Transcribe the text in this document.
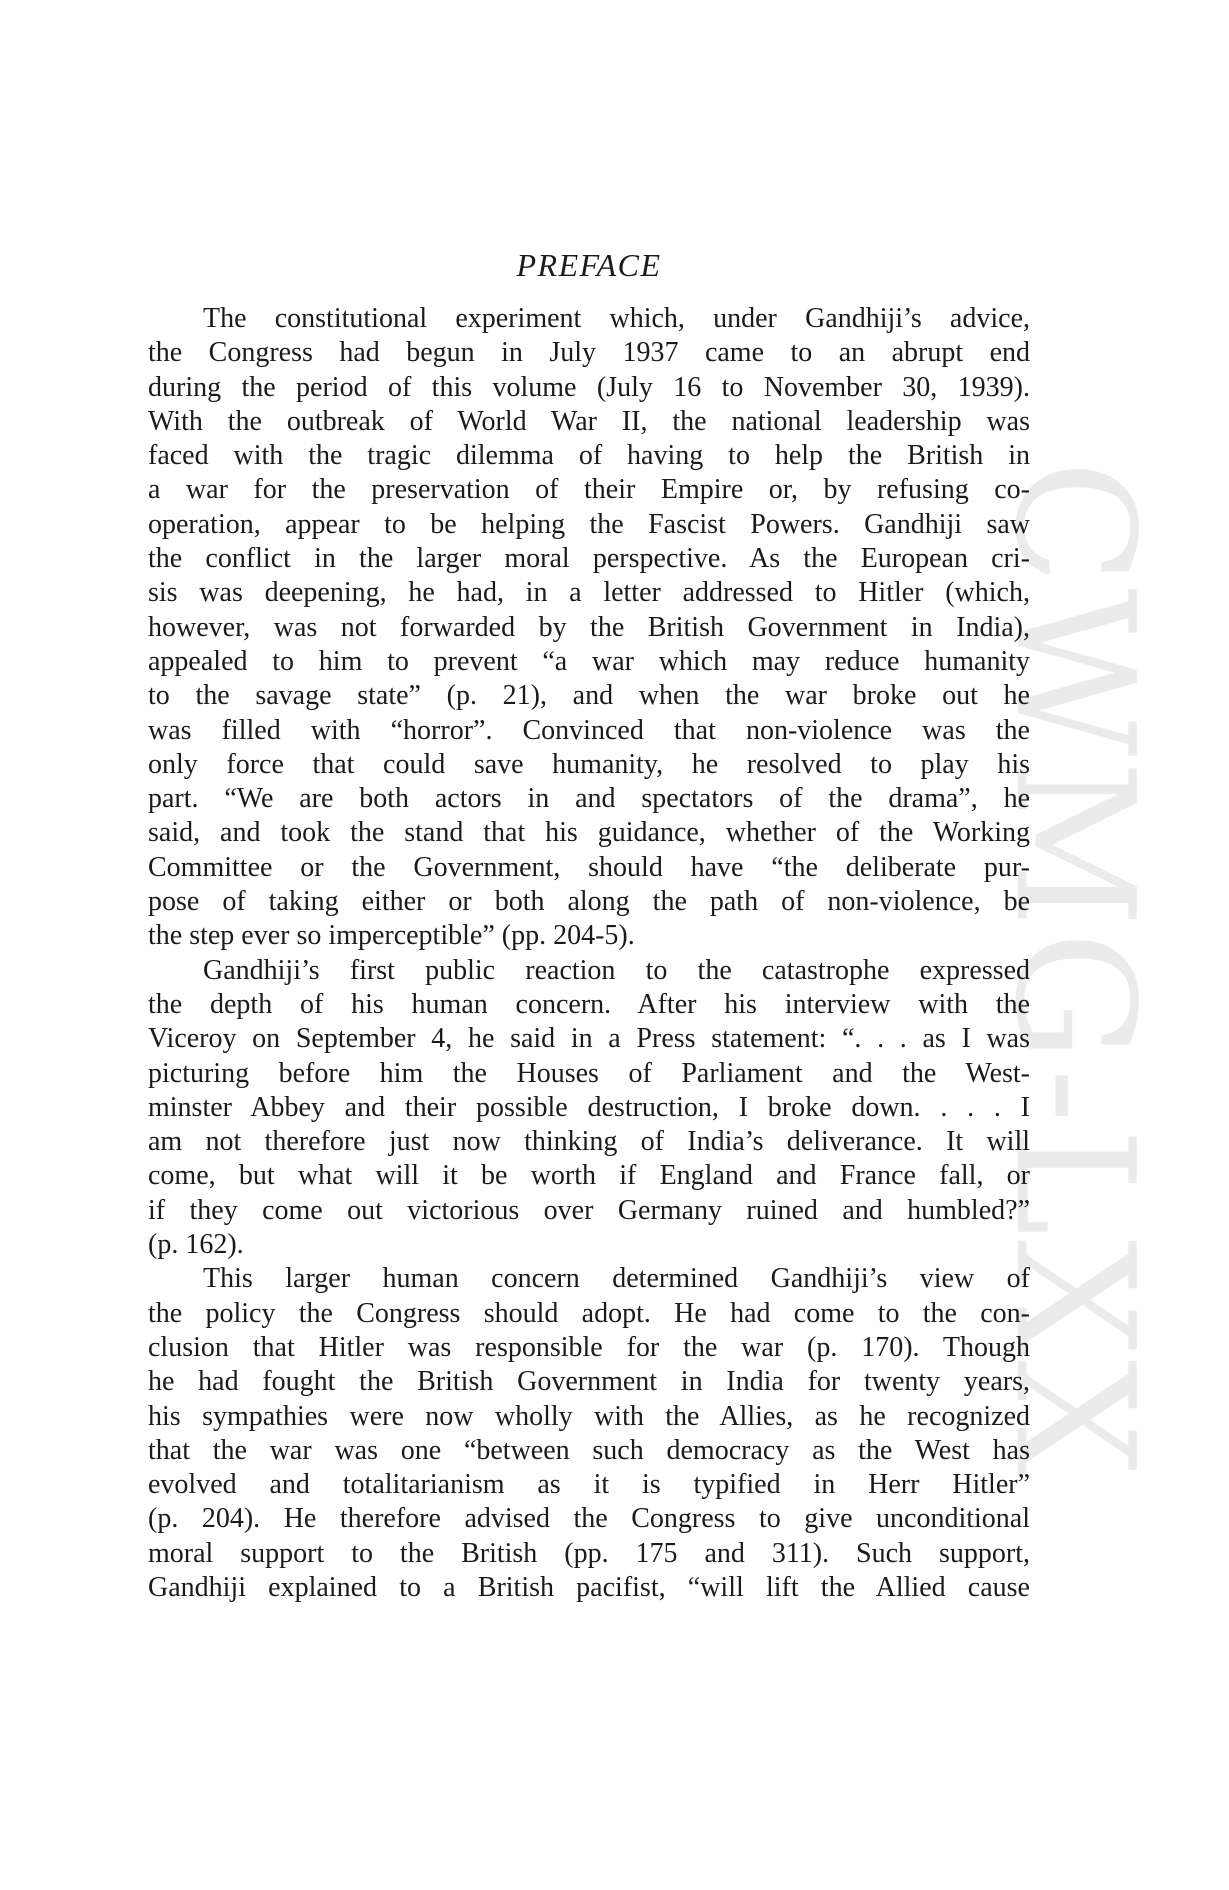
CWMG-LXX
PREFACE
The constitutional experiment which, under Gandhiji’s advice,
the Congress had begun in July 1937 came to an abrupt end
during the period of this volume (July 16 to November 30, 1939).
With the outbreak of World War II, the national leadership was
faced with the tragic dilemma of having to help the British in
a war for the preservation of their Empire or, by refusing co-
operation, appear to be helping the Fascist Powers. Gandhiji saw
the conflict in the larger moral perspective. As the European cri-
sis was deepening, he had, in a letter addressed to Hitler (which,
however, was not forwarded by the British Government in India),
appealed to him to prevent “a war which may reduce humanity
to the savage state” (p. 21), and when the war broke out he
was filled with “horror”. Convinced that non-violence was the
only force that could save humanity, he resolved to play his
part. “We are both actors in and spectators of the drama”, he
said, and took the stand that his guidance, whether of the Working
Committee or the Government, should have “the deliberate pur-
pose of taking either or both along the path of non-violence, be
the step ever so imperceptible” (pp. 204-5).
Gandhiji’s first public reaction to the catastrophe expressed
the depth of his human concern. After his interview with the
Viceroy on September 4, he said in a Press statement: “. . . as I was
picturing before him the Houses of Parliament and the West-
minster Abbey and their possible destruction, I broke down. . . . I
am not therefore just now thinking of India’s deliverance. It will
come, but what will it be worth if England and France fall, or
if they come out victorious over Germany ruined and humbled?”
(p. 162).
This larger human concern determined Gandhiji’s view of
the policy the Congress should adopt. He had come to the con-
clusion that Hitler was responsible for the war (p. 170). Though
he had fought the British Government in India for twenty years,
his sympathies were now wholly with the Allies, as he recognized
that the war was one “between such democracy as the West has
evolved and totalitarianism as it is typified in Herr Hitler”
(p. 204). He therefore advised the Congress to give unconditional
moral support to the British (pp. 175 and 311). Such support,
Gandhiji explained to a British pacifist, “will lift the Allied cause
